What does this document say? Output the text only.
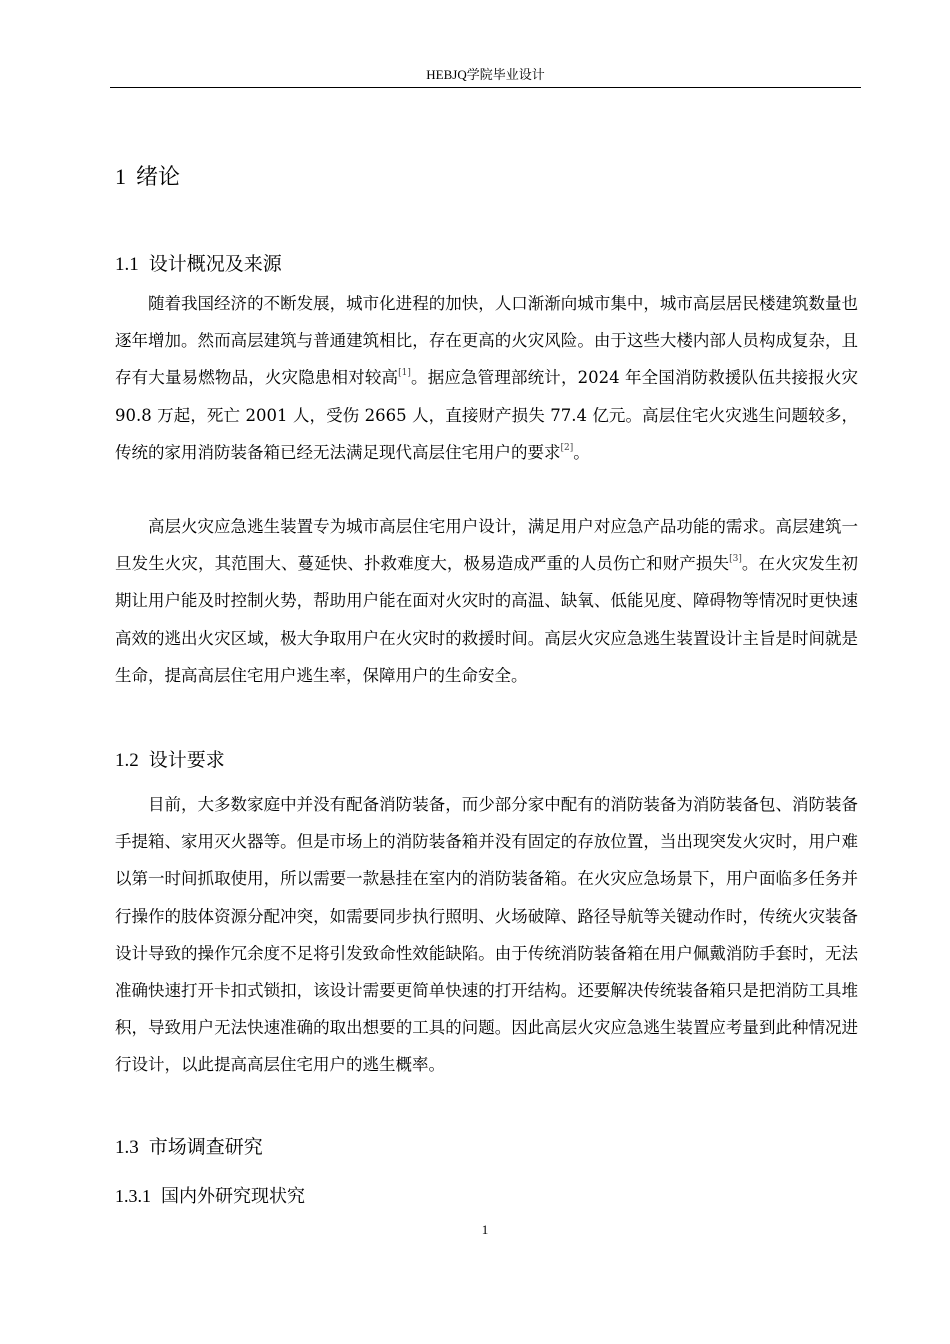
HEBJQ学院毕业设计
1 绪论
1.1 设计概况及来源
随着我国经济的不断发展，城市化进程的加快，人口渐渐向城市集中，城市高层居民楼建筑数量也逐年增加。然而高层建筑与普通建筑相比，存在更高的火灾风险。由于这些大楼内部人员构成复杂，且存有大量易燃物品，火灾隐患相对较高[1]。据应急管理部统计，2024 年全国消防救援队伍共接报火灾 90.8 万起，死亡 2001 人，受伤 2665 人，直接财产损失 77.4 亿元。高层住宅火灾逃生问题较多，传统的家用消防装备箱已经无法满足现代高层住宅用户的要求[2]。
高层火灾应急逃生装置专为城市高层住宅用户设计，满足用户对应急产品功能的需求。高层建筑一旦发生火灾，其范围大、蔓延快、扑救难度大，极易造成严重的人员伤亡和财产损失[3]。在火灾发生初期让用户能及时控制火势，帮助用户能在面对火灾时的高温、缺氧、低能见度、障碍物等情况时更快速高效的逃出火灾区域，极大争取用户在火灾时的救援时间。高层火灾应急逃生装置设计主旨是时间就是生命，提高高层住宅用户逃生率，保障用户的生命安全。
1.2 设计要求
目前，大多数家庭中并没有配备消防装备，而少部分家中配有的消防装备为消防装备包、消防装备手提箱、家用灭火器等。但是市场上的消防装备箱并没有固定的存放位置，当出现突发火灾时，用户难以第一时间抓取使用，所以需要一款悬挂在室内的消防装备箱。在火灾应急场景下，用户面临多任务并行操作的肢体资源分配冲突，如需要同步执行照明、火场破障、路径导航等关键动作时，传统火灾装备设计导致的操作冗余度不足将引发致命性效能缺陷。由于传统消防装备箱在用户佩戴消防手套时，无法准确快速打开卡扣式锁扣，该设计需要更简单快速的打开结构。还要解决传统装备箱只是把消防工具堆积，导致用户无法快速准确的取出想要的工具的问题。因此高层火灾应急逃生装置应考量到此种情况进行设计，以此提高高层住宅用户的逃生概率。
1.3 市场调查研究
1.3.1 国内外研究现状究
1
